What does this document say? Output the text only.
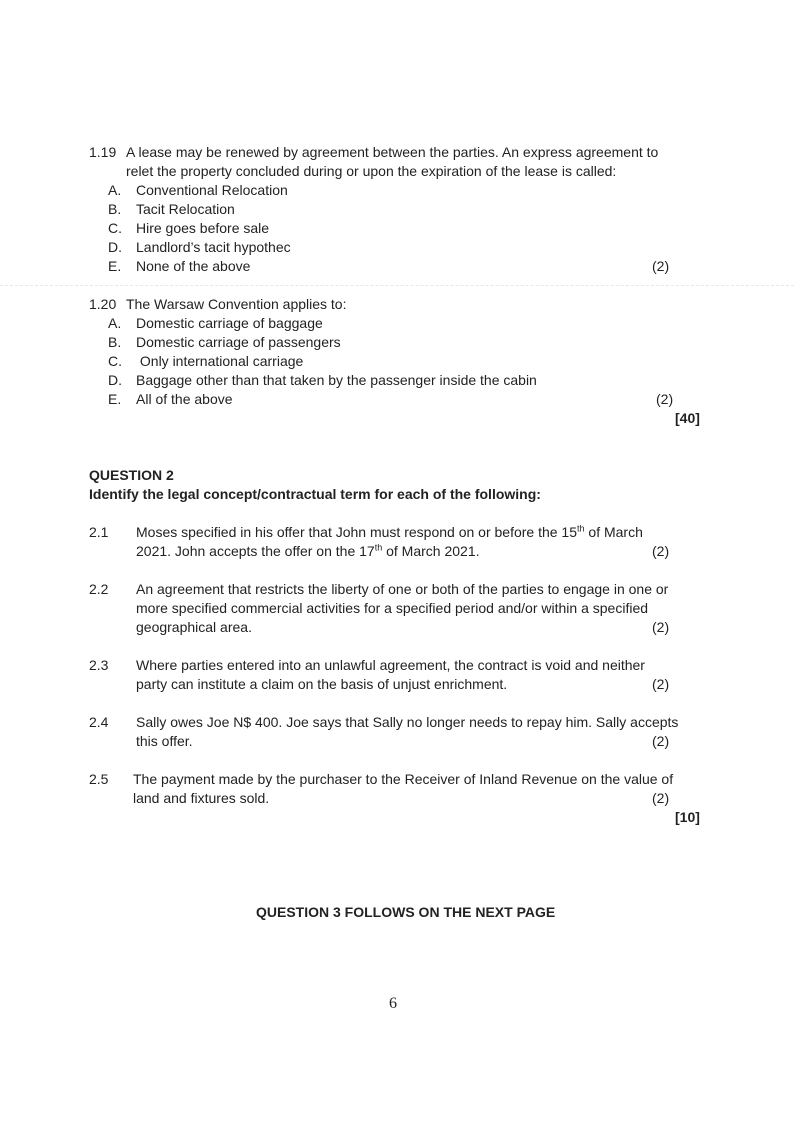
1.19 A lease may be renewed by agreement between the parties. An express agreement to
relet the property concluded during or upon the expiration of the lease is called:
A. Conventional Relocation
B. Tacit Relocation
C. Hire goes before sale
D. Landlord’s tacit hypothec
E. None of the above	(2)
1.20 The Warsaw Convention applies to:
A. Domestic carriage of baggage
B. Domestic carriage of passengers
C. Only international carriage
D. Baggage other than that taken by the passenger inside the cabin
E. All of the above	(2)
[40]
QUESTION 2
Identify the legal concept/contractual term for each of the following:
2.1 Moses specified in his offer that John must respond on or before the 15th of March
2021. John accepts the offer on the 17th of March 2021.	(2)
2.2 An agreement that restricts the liberty of one or both of the parties to engage in one or
more specified commercial activities for a specified period and/or within a specified
geographical area.	(2)
2.3 Where parties entered into an unlawful agreement, the contract is void and neither
party can institute a claim on the basis of unjust enrichment.	(2)
2.4 Sally owes Joe N$ 400. Joe says that Sally no longer needs to repay him. Sally accepts
this offer.	(2)
2.5 The payment made by the purchaser to the Receiver of Inland Revenue on the value of
land and fixtures sold.	(2)
[10]
QUESTION 3 FOLLOWS ON THE NEXT PAGE
6
